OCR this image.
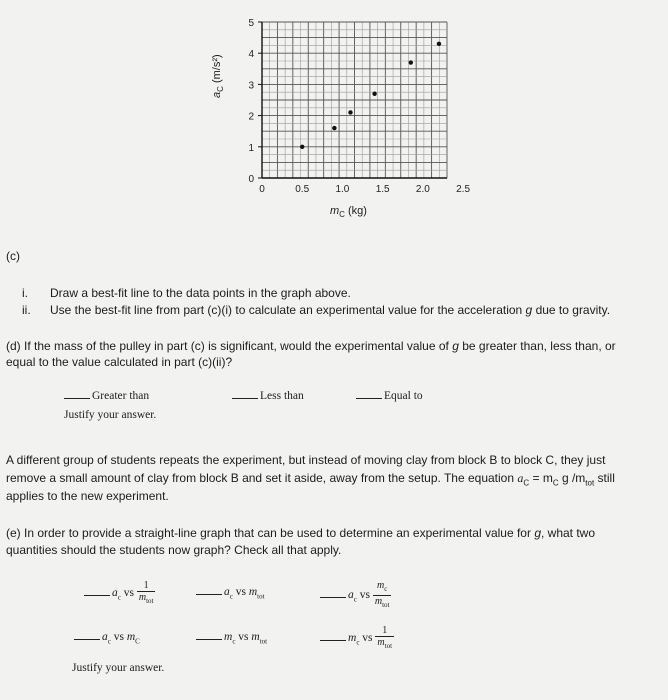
0
1
2
3
4
5
0	0.5	1.0	1.5	2.0	2.5
$a_C$ (m/s²)
$m_C$ (kg)
(c)
i. Draw a best-fit line to the data points in the graph above.
ii. Use the best-fit line from part (c)(i) to calculate an experimental value for the acceleration g due to gravity.
(d) If the mass of the pulley in part (c) is significant, would the experimental value of g be greater than, less than, or
equal to the value calculated in part (c)(ii)?
Greater than	Less than	Equal to
Justify your answer.
A different group of students repeats the experiment, but instead of moving clay from block B to block C, they just
remove a small amount of clay from block B and set it aside, away from the setup. The equation $a_C = m_C$ g $/m_{tot}$ still
applies to the new experiment.
(e) In order to provide a straight-line graph that can be used to determine an experimental value for g, what two
quantities should the students now graph? Check all that apply.
$a_c$ vs $\frac{1}{m_{tot}}$	$a_c$ vs $m_{tot}$	$a_c$ vs $\frac{m_c}{m_{tot}}$
$a_c$ vs $m_C$	$m_c$ vs $m_{tot}$	$m_c$ vs $\frac{1}{m_{tot}}$
Justify your answer.
